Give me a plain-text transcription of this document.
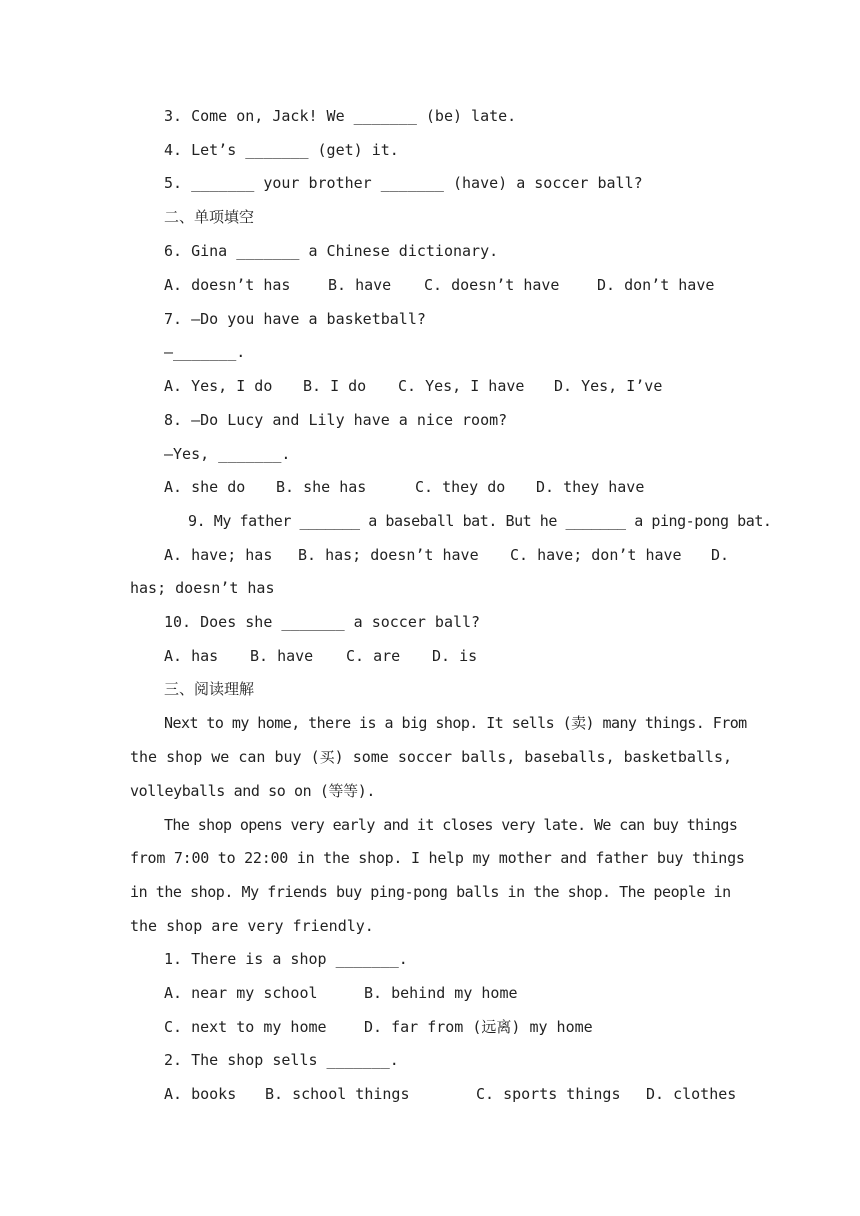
3. Come on, Jack! We _______ (be) late.

4. Let’s _______ (get) it.

5. _______ your brother _______ (have) a soccer ball?

二、单项填空

6. Gina _______ a Chinese dictionary.

A. doesn’t has

	B. have

C. doesn’t have

	D. don’t have

7. —Do you have a basketball?

—_______.

A. Yes, I do

B. I do

C. Yes, I have

D. Yes, I’ve

8. —Do Lucy and Lily have a nice room?

—Yes, _______.

A. she do

B. she has

	C. they do

D. they have

9. My father _______ a baseball bat. But he _______ a ping-pong bat.

A. have; has

B. has; doesn’t have

C. have; don’t have

D.

has; doesn’t has

10. Does she _______ a soccer ball?

A. has

B. have

C. are

D. is

三、阅读理解

Next to my home, there is a big shop. It sells (卖) many things. From

the shop we can buy (买) some soccer balls, baseballs, basketballs,

volleyballs and so on (等等).

The shop opens very early and it closes very late. We can buy things

from 7:00 to 22:00 in the shop. I help my mother and father buy things

in the shop. My friends buy ping-pong balls in the shop. The people in

the shop are very friendly.

1. There is a shop _______.

A. near my school

	B. behind my home

C. next to my home

D. far from (远离) my home

2. The shop sells _______.

A. books

B. school things

	C. sports things

D. clothes
